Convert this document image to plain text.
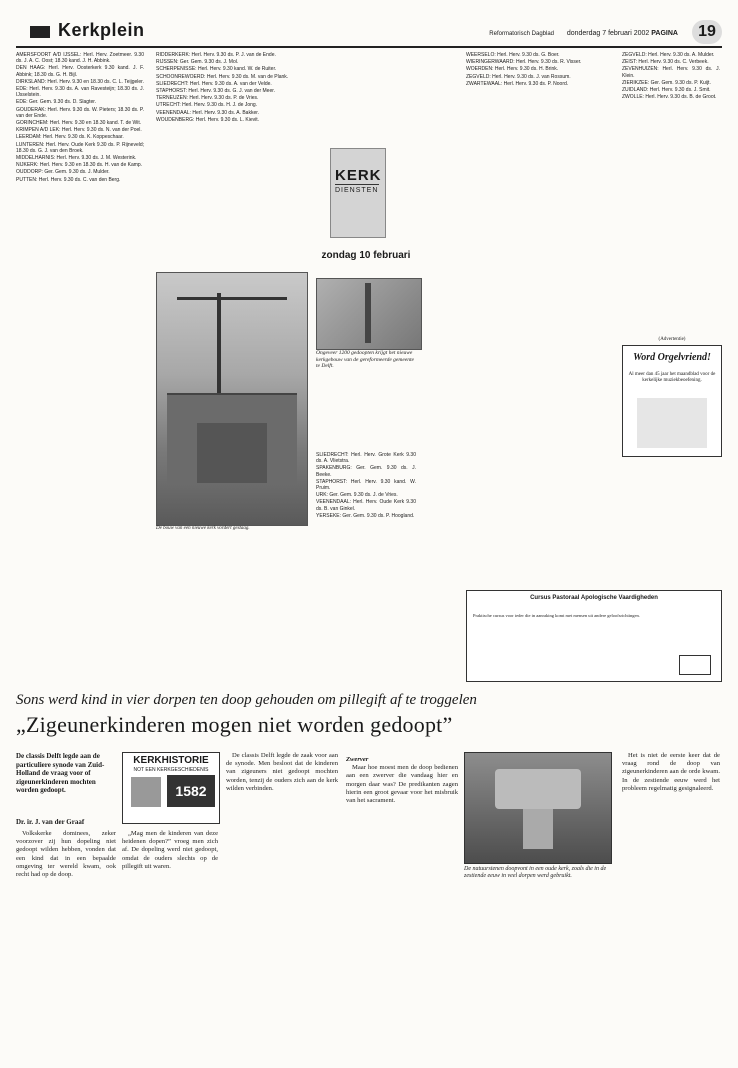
Kerkplein	Reformatorisch Dagblad donderdag 7 februari 2002 PAGINA	19

AMERSFOORT A/D IJSSEL: Herl. Herv. Zoetmeer. 9.30 ds. J. A. C. Oost; 18.30 kand. J. H. Abbink.

DEN HAAG: Herl. Herv. Oosterkerk 9.30 kand. J. F. Abbink; 18.30 ds. G. H. Bijl.

DIRKSLAND: Herl. Herv. 9.30 en 18.30 ds. C. L. Teijgeler.

EDE: Herl. Herv. 9.30 ds. A. van Ravesteijn; 18.30 ds. J. IJsselstein.

EDE: Ger. Gem. 9.30 ds. D. Slagter.

GOUDERAK: Herl. Herv. 9.30 ds. W. Pieters; 18.30 ds. P. van der Ende.

GORINCHEM: Herl. Herv. 9.30 en 18.30 kand. T. de Wit.

KRIMPEN A/D LEK: Herl. Herv. 9.30 ds. N. van der Poel.

LEERDAM: Herl. Herv. 9.30 ds. K. Koppeschaar.

LUNTEREN: Herl. Herv. Oude Kerk 9.30 ds. P. Rijneveld; 18.30 ds. G. J. van den Broek.

MIDDELHARNIS: Herl. Herv. 9.30 ds. J. M. Westerink.

NIJKERK: Herl. Herv. 9.30 en 18.30 ds. H. van de Kamp.

OUDDORP: Ger. Gem. 9.30 ds. J. Mulder.

PUTTEN: Herl. Herv. 9.30 ds. C. van den Berg.

RIDDERKERK: Herl. Herv. 9.30 ds. P. J. van de Ende.

RIJSSEN: Ger. Gem. 9.30 ds. J. Mol.

SCHERPENISSE: Herl. Herv. 9.30 kand. W. de Ruiter.

SCHOONREWOERD: Herl. Herv. 9.30 ds. M. van de Plank.

SLIEDRECHT: Herl. Herv. 9.30 ds. A. van der Velde.

STAPHORST: Herl. Herv. 9.30 ds. G. J. van der Meer.

TERNEUZEN: Herl. Herv. 9.30 ds. P. de Vries.

UTRECHT: Herl. Herv. 9.30 ds. H. J. de Jong.

VEENENDAAL: Herl. Herv. 9.30 ds. A. Bakker.

WOUDENBERG: Herl. Herv. 9.30 ds. L. Kievit.

SLIEDRECHT: Herl. Herv. Grote Kerk 9.30 ds. A. Vlietstra.

SPAKENBURG: Ger. Gem. 9.30 ds. J. Beeke.

STAPHORST: Herl. Herv. 9.30 kand. W. Pruim.

URK: Ger. Gem. 9.30 ds. J. de Vries.

VEENENDAAL: Herl. Herv. Oude Kerk 9.30 ds. B. van Ginkel.

YERSEKE: Ger. Gem. 9.30 ds. P. Hoogland.

WEERSELO: Herl. Herv. 9.30 ds. G. Boer.

WIERINGERWAARD: Herl. Herv. 9.30 ds. R. Visser.

WOERDEN: Herl. Herv. 9.30 ds. H. Brink.

ZEGVELD: Herl. Herv. 9.30 ds. J. van Rossum.

ZWARTEWAAL: Herl. Herv. 9.30 ds. P. Noord.

ZEGVELD: Herl. Herv. 9.30 ds. A. Mulder.

ZEIST: Herl. Herv. 9.30 ds. C. Verbeek.

ZEVENHUIZEN: Herl. Herv. 9.30 ds. J. Klein.

ZIERIKZEE: Ger. Gem. 9.30 ds. P. Kuijt.

ZUIDLAND: Herl. Herv. 9.30 ds. J. Smit.

ZWOLLE: Herl. Herv. 9.30 ds. B. de Groot.

De bouw van een nieuwe kerk vordert gestaag.
KERK
DIENSTEN
zondag 10 februari
Ongeveer 1200 gedoopten krijgt het nieuwe kerkgebouw van de gereformeerde gemeente te Delft.
(Advertentie)
Word Orgelvriend!
Al meer dan 45 jaar het maandblad voor de kerkelijke muziekbeoefening.
Cursus Pastoraal Apologische Vaardigheden
Praktische cursus voor ieder die in aanraking komt met mensen uit andere geloofsrichtingen.
Sons werd kind in vier dorpen ten doop gehouden om pillegift af te troggelen
„Zigeunerkinderen mogen niet worden gedoopt”
De classis Delft legde aan de particuliere synode van Zuid-Holland de vraag voor of zigeunerkinderen mochten worden gedoopt.
Dr. ir. J. van der Graaf
KERKHISTORIE
NOT EEN KERKGESCHIEDENIS
1582

Volkskerke dominees, zeker voorzover zij hun dopeling niet gedoopt wilden hebben, vonden dat een kind dat in een bepaalde omgeving ter wereld kwam, ook recht had op de doop.

„Mag men de kinderen van deze heidenen dopen?” vroeg men zich af. De dopeling werd niet gedoopt, omdat de ouders slechts op de pillegift uit waren.

De classis Delft legde de zaak voor aan de synode. Men besloot dat de kinderen van zigeuners niet gedoopt mochten worden, tenzij de ouders zich aan de kerk wilden verbinden.

Zwerver

Maar hoe moest men de doop bedienen aan een zwerver die vandaag hier en morgen daar was? De predikanten zagen hierin een groot gevaar voor het misbruik van het sacrament.

Het is niet de eerste keer dat de vraag rond de doop van zigeunerkinderen aan de orde kwam. In de zestiende eeuw werd het probleem regelmatig gesignaleerd.

De natuurstenen doopvont in een oude kerk, zoals die in de zestiende eeuw in veel dorpen werd gebruikt.
